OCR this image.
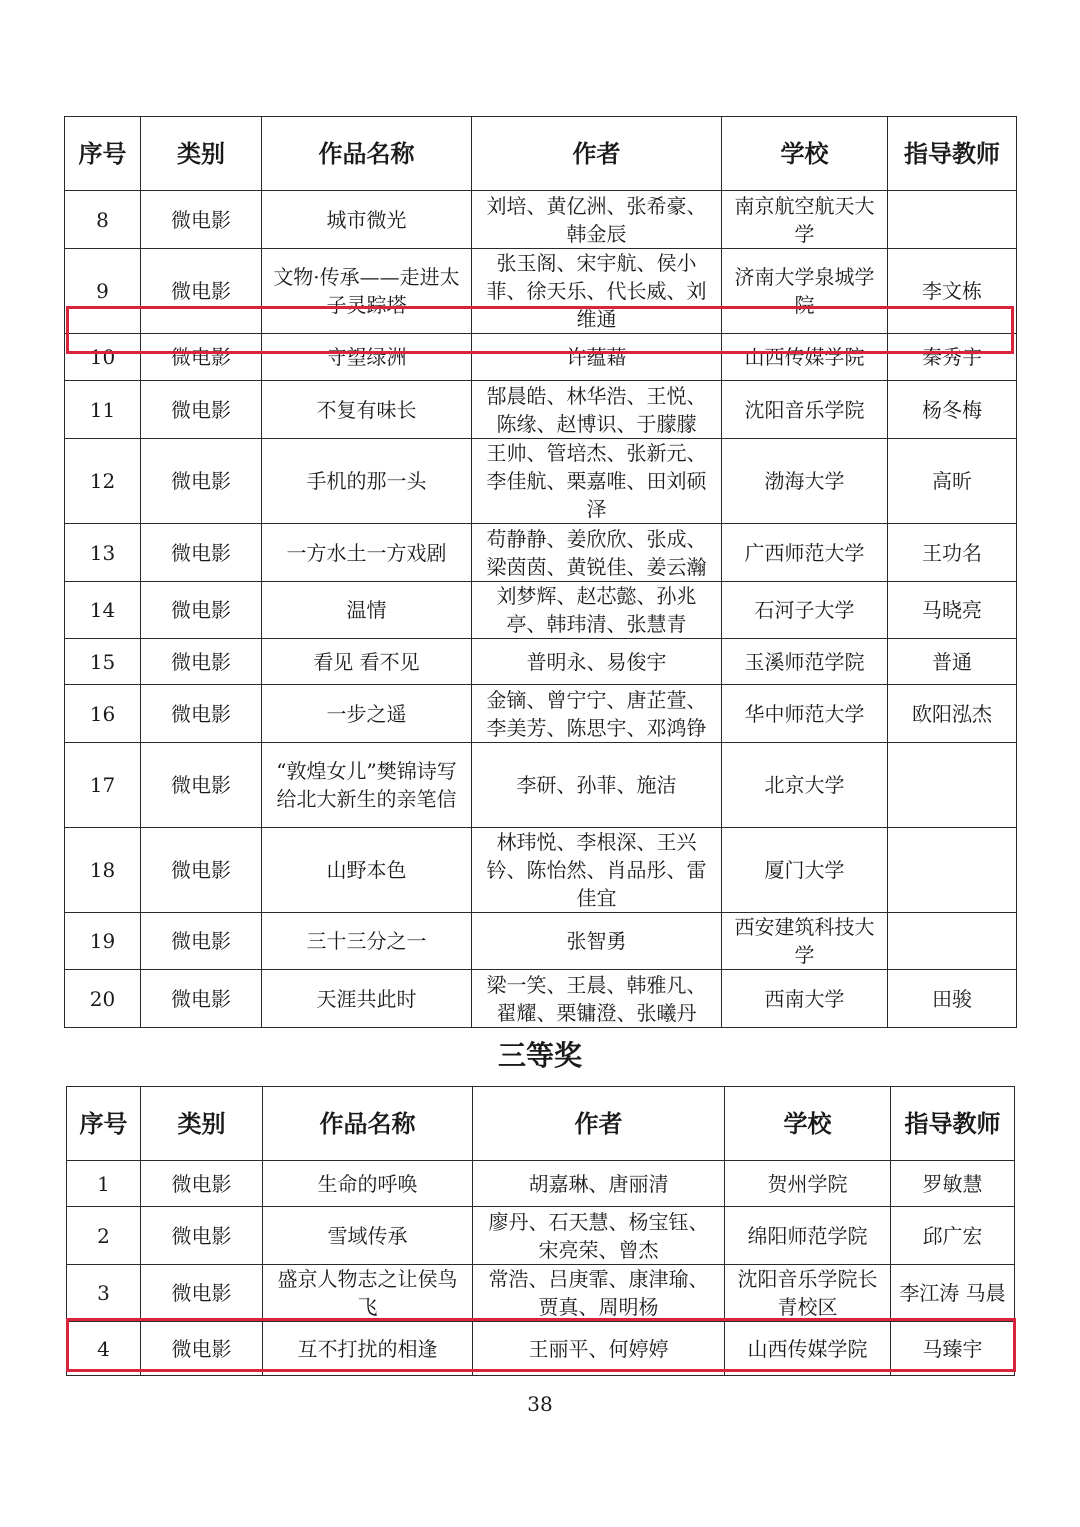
序号	类别	作品名称	作者	学校	指导教师
8	微电影	城市微光	刘培、黄亿洲、张希豪、韩金辰	南京航空航天大学	
9	微电影	文物·传承——走进太子灵踪塔	张玉阁、宋宇航、侯小菲、徐天乐、代长威、刘维通	济南大学泉城学院	李文栋
10	微电影	守望绿洲	许蕴藉	山西传媒学院	秦秀宇
11	微电影	不复有味长	郜晨皓、林华浩、王悦、陈缘、赵博识、于朦朦	沈阳音乐学院	杨冬梅
12	微电影	手机的那一头	王帅、管培杰、张新元、李佳航、栗嘉唯、田刘硕泽	渤海大学	高昕
13	微电影	一方水土一方戏剧	苟静静、姜欣欣、张成、梁茵茵、黄锐佳、姜云瀚	广西师范大学	王功名
14	微电影	温情	刘梦辉、赵芯懿、孙兆亭、韩玮清、张慧青	石河子大学	马晓亮
15	微电影	看见 看不见	普明永、易俊宇	玉溪师范学院	普通
16	微电影	一步之遥	金镝、曾宁宁、唐芷萱、李美芳、陈思宇、邓鸿铮	华中师范大学	欧阳泓杰
17	微电影	“敦煌女儿”樊锦诗写给北大新生的亲笔信	李研、孙菲、施洁	北京大学	
18	微电影	山野本色	林玮悦、李根深、王兴钤、陈怡然、肖品彤、雷佳宜	厦门大学	
19	微电影	三十三分之一	张智勇	西安建筑科技大学	
20	微电影	天涯共此时	梁一笑、王晨、韩雅凡、翟耀、栗镛澄、张曦丹	西南大学	田骏
三等奖
序号	类别	作品名称	作者	学校	指导教师
1	微电影	生命的呼唤	胡嘉琳、唐丽清	贺州学院	罗敏慧
2	微电影	雪域传承	廖丹、石天慧、杨宝钰、宋亮荣、曾杰	绵阳师范学院	邱广宏
3	微电影	盛京人物志之让侯鸟飞	常浩、吕庚霏、康津瑜、贾真、周明杨	沈阳音乐学院长青校区	李江涛 马晨
4	微电影	互不打扰的相逢	王丽平、何婷婷	山西传媒学院	马臻宇
38
